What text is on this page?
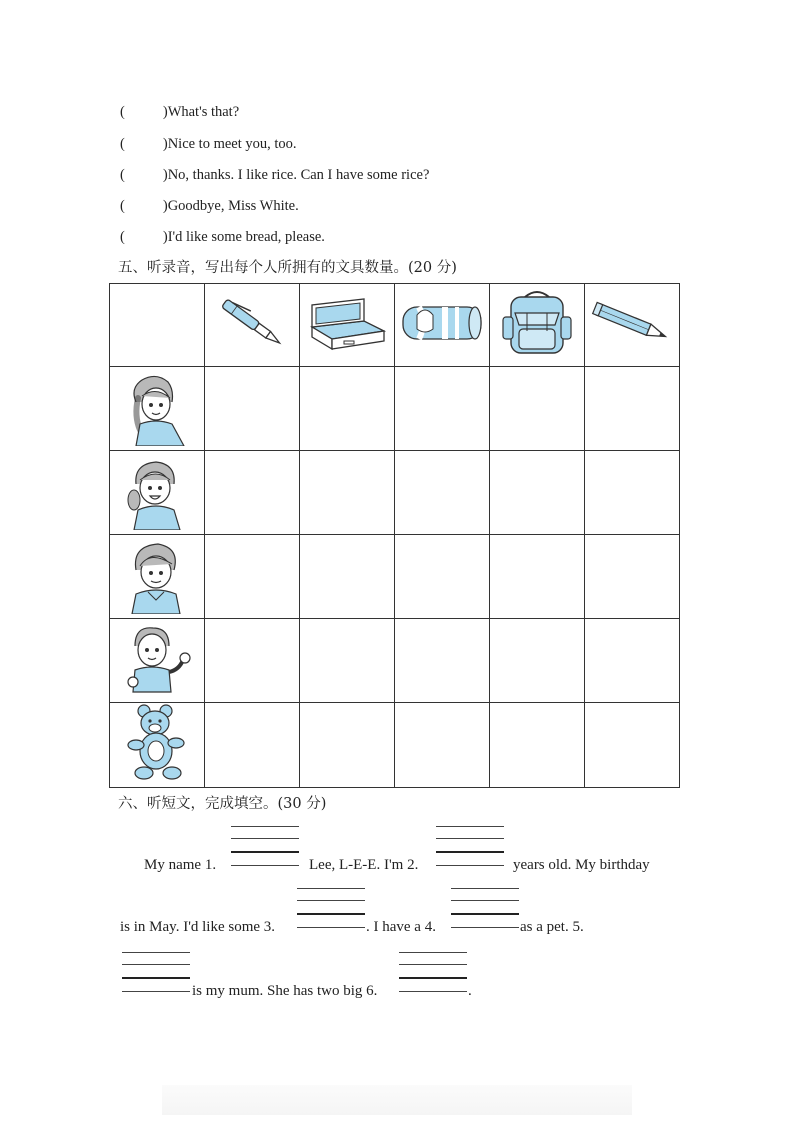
(	)What's that?
(	)Nice to meet you, too.
(	)No, thanks. I like rice. Can I have some rice?
(	)Goodbye, Miss White.
(	)I'd like some bread, please.
五、听录音，写出每个人所拥有的文具数量。(20 分)

六、听短文，完成填空。(30 分)
My name 1.	Lee, L-E-E. I'm 2.	years old. My birthday
is in May. I'd like some 3.	. I have a 4.	as a pet. 5.
is my mum. She has two big 6.	.
